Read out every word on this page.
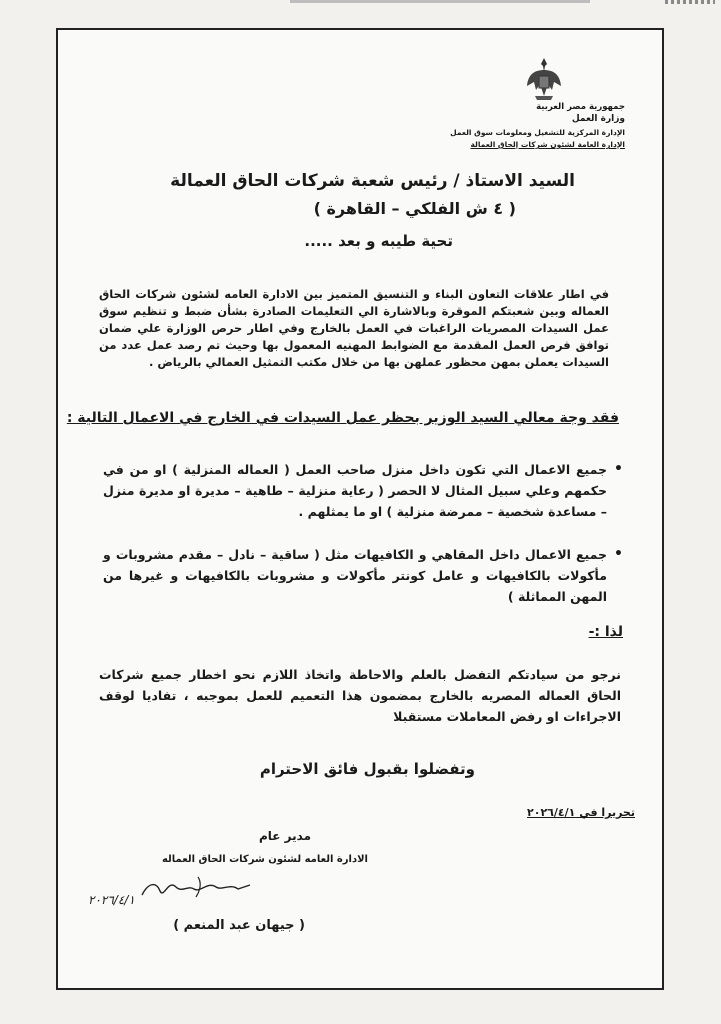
جمهورية مصر العربية
وزارة العمل
الإدارة المركزية للتشغيل ومعلومات سوق العمل
الإدارة العامة لشئون شركات إلحاق العمالة
السيد الاستاذ / رئيس شعبة شركات الحاق العمالة
( ٤ ش الفلكي – القاهرة )
تحية طيبه و بعد .....
في اطار علاقات التعاون البناء و التنسيق المتميز بين الادارة العامه لشئون شركات الحاق العماله وبين شعبتكم الموقرة وبالاشارة الي التعليمات الصادرة بشأن ضبط و تنظيم سوق عمل السيدات المصريات الراغبات في العمل بالخارج وفي اطار حرص الوزارة علي ضمان توافق فرص العمل المقدمة مع الضوابط المهنيه المعمول بها وحيث تم رصد عمل عدد من السيدات يعملن بمهن محظور عملهن بها من خلال مكتب التمثيل العمالي بالرياض .
فقد وجة معالي السيد الوزير بحظر عمل السيدات في الخارج في الاعمال التالية :
• جميع الاعمال التي تكون داخل منزل صاحب العمل ( العماله المنزلية ) او من في حكمهم وعلي سبيل المثال لا الحصر ( رعاية منزلية – طاهية – مديرة او مديرة منزل – مساعدة شخصية – ممرضة منزلية ) او ما يمثلهم .
• جميع الاعمال داخل المقاهي و الكافيهات مثل ( ساقية – نادل – مقدم مشروبات و مأكولات بالكافيهات و عامل كونتر مأكولات و مشروبات بالكافيهات و غيرها من المهن المماثلة )
لذا :-
نرجو من سيادتكم التفضل بالعلم والاحاطة واتخاذ اللازم نحو اخطار جميع شركات الحاق العماله المصريه بالخارج بمضمون هذا التعميم للعمل بموجبه ، تفاديا لوقف الاجراءات او رفض المعاملات مستقبلا
وتفضلوا بقبول فائق الاحترام
تحريرا في ٢٠٢٦/٤/١
مدير عام
الادارة العامه لشئون شركات الحاق العماله
٢٠٢٦/٤/١
( جيهان عبد المنعم )
